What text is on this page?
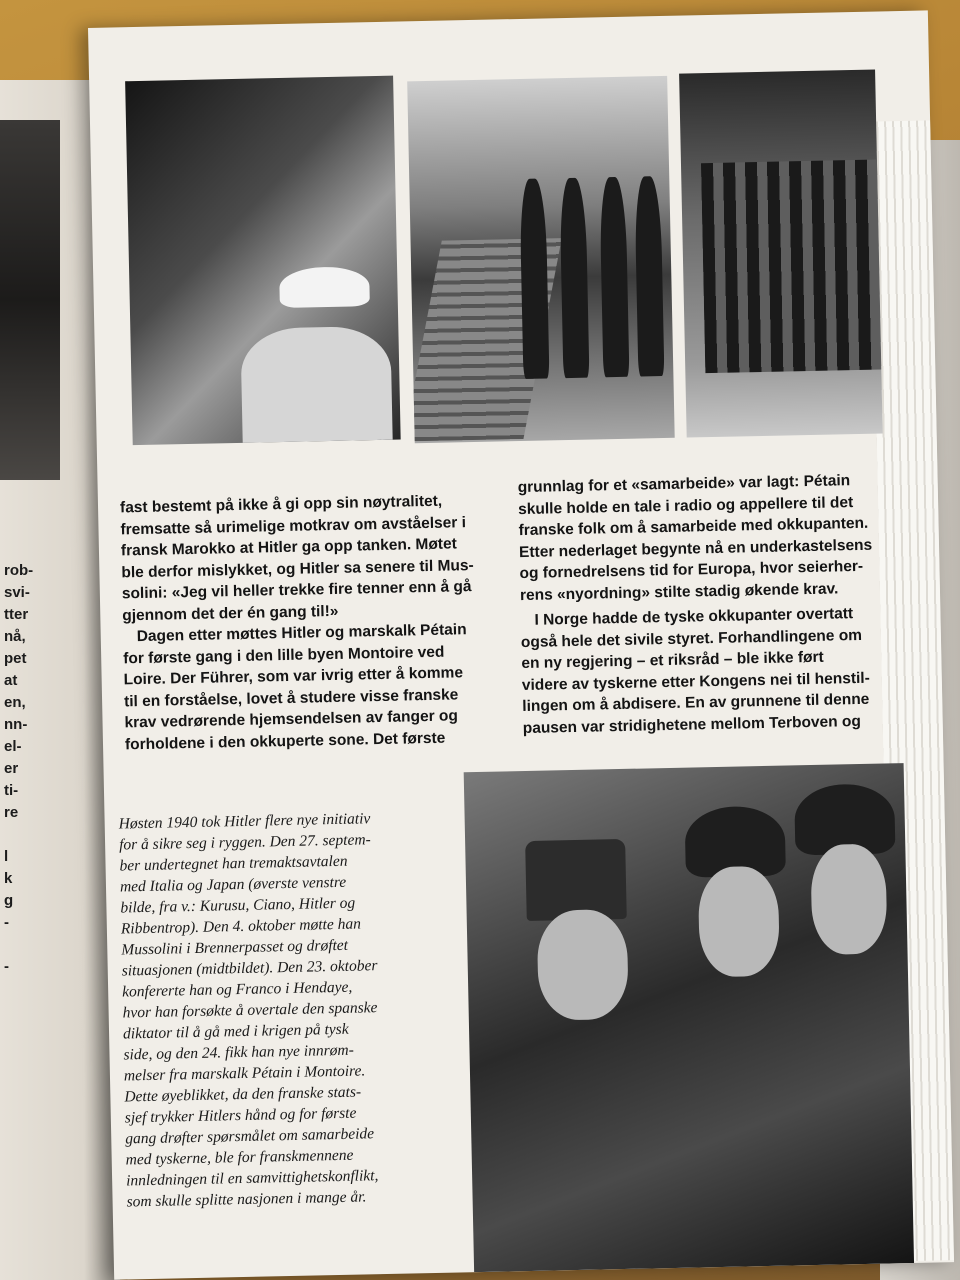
rob-
svi-
tter
nå,
pet
at
en,
nn-
el-
er
ti-
re
l
k
g
-
-
fast bestemt på ikke å gi opp sin nøytralitet,
fremsatte så urimelige motkrav om avståelser i
fransk Marokko at Hitler ga opp tanken. Møtet
ble derfor mislykket, og Hitler sa senere til Mus-
solini: «Jeg vil heller trekke fire tenner enn å gå
gjennom det der én gang til!»
Dagen etter møttes Hitler og marskalk Pétain
for første gang i den lille byen Montoire ved
Loire. Der Führer, som var ivrig etter å komme
til en forståelse, lovet å studere visse franske
krav vedrørende hjemsendelsen av fanger og
forholdene i den okkuperte sone. Det første
grunnlag for et «samarbeide» var lagt: Pétain
skulle holde en tale i radio og appellere til det
franske folk om å samarbeide med okkupanten.
Etter nederlaget begynte nå en underkastelsens
og fornedrelsens tid for Europa, hvor seierher-
rens «nyordning» stilte stadig økende krav.
I Norge hadde de tyske okkupanter overtatt
også hele det sivile styret. Forhandlingene om
en ny regjering – et riksråd – ble ikke ført
videre av tyskerne etter Kongens nei til henstil-
lingen om å abdisere. En av grunnene til denne
pausen var stridighetene mellom Terboven og
Høsten 1940 tok Hitler flere nye initiativ
for å sikre seg i ryggen. Den 27. septem-
ber undertegnet han tremaktsavtalen
med Italia og Japan (øverste venstre
bilde, fra v.: Kurusu, Ciano, Hitler og
Ribbentrop). Den 4. oktober møtte han
Mussolini i Brennerpasset og drøftet
situasjonen (midtbildet). Den 23. oktober
konfererte han og Franco i Hendaye,
hvor han forsøkte å overtale den spanske
diktator til å gå med i krigen på tysk
side, og den 24. fikk han nye innrøm-
melser fra marskalk Pétain i Montoire.
Dette øyeblikket, da den franske stats-
sjef trykker Hitlers hånd og for første
gang drøfter spørsmålet om samarbeide
med tyskerne, ble for franskmennene
innledningen til en samvittighetskonflikt,
som skulle splitte nasjonen i mange år.
